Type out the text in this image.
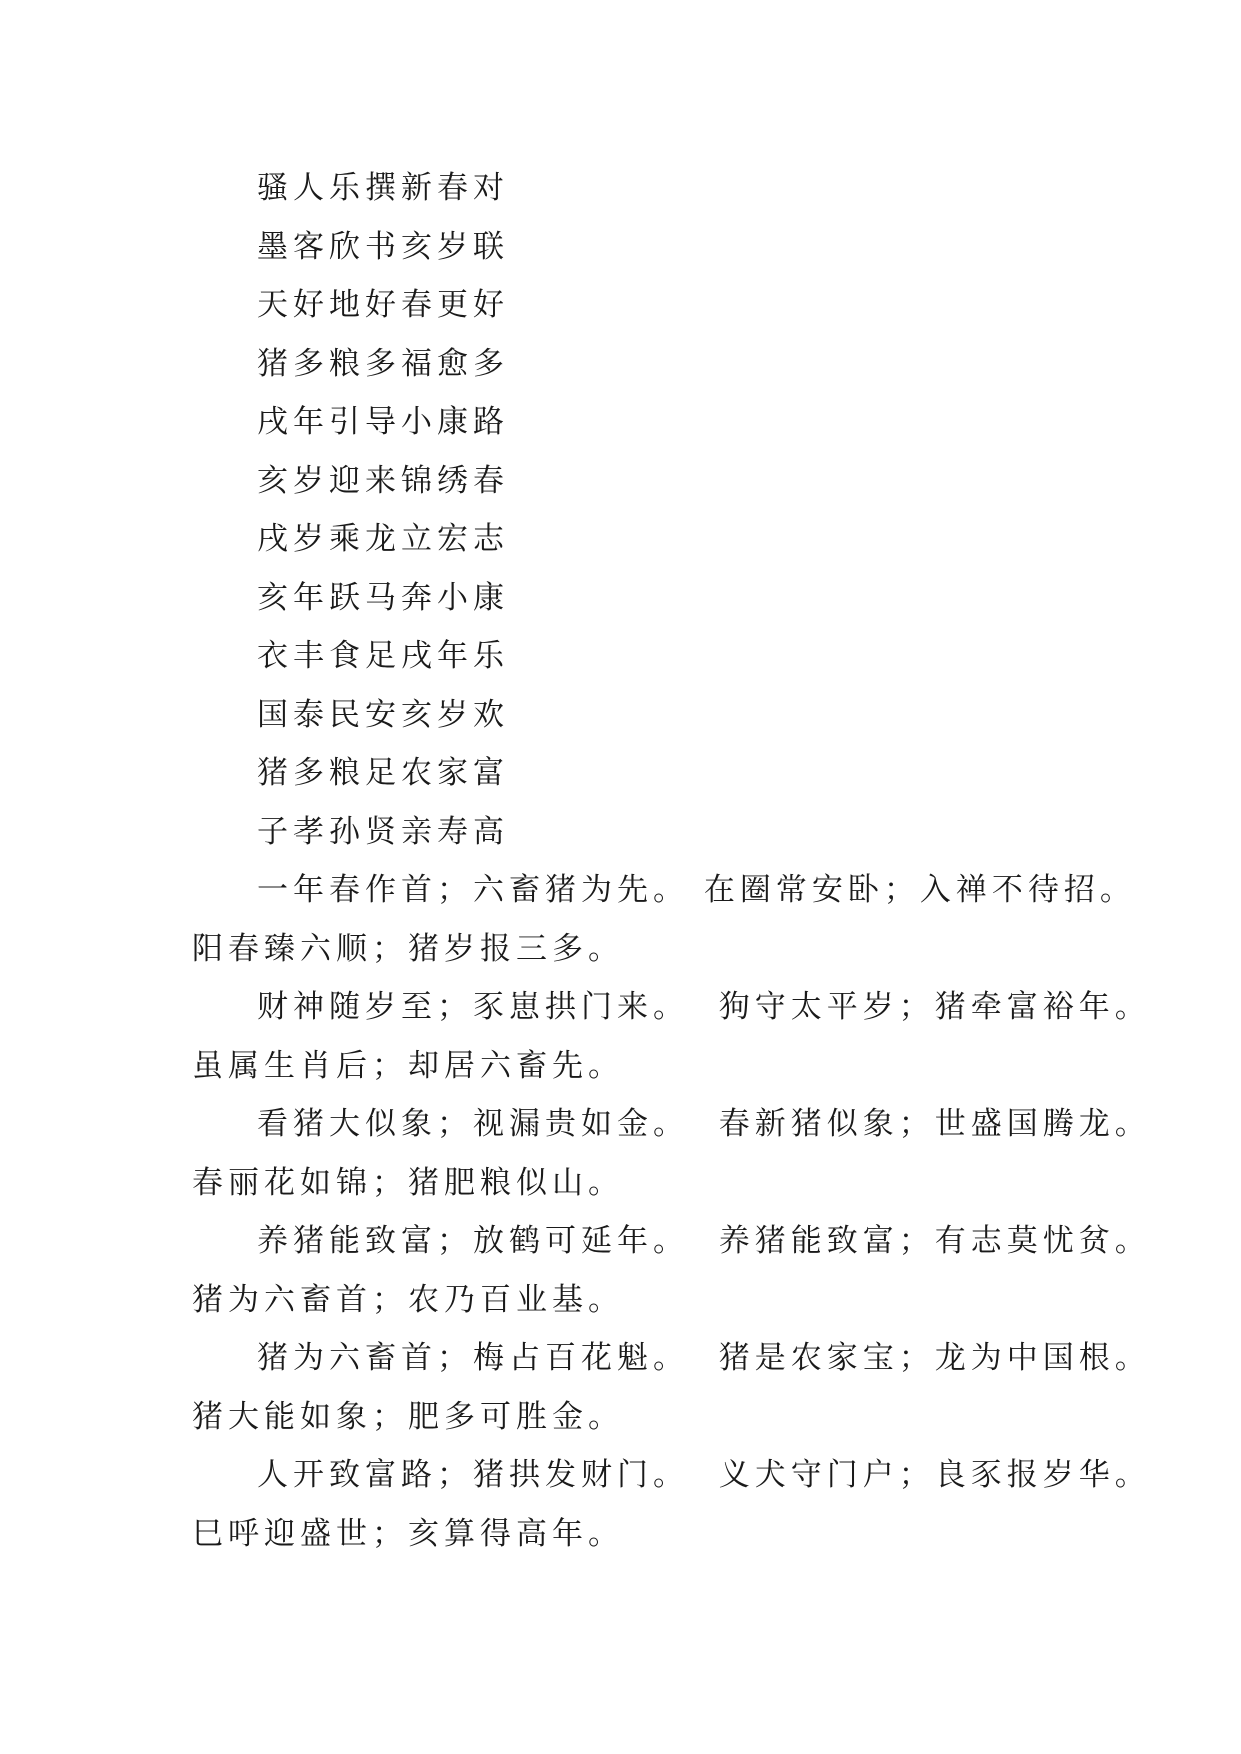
骚人乐撰新春对
墨客欣书亥岁联
天好地好春更好
猪多粮多福愈多
戌年引导小康路
亥岁迎来锦绣春
戌岁乘龙立宏志
亥年跃马奔小康
衣丰食足戌年乐
国泰民安亥岁欢
猪多粮足农家富
子孝孙贤亲寿高
一年春作首；六畜猪为先。 在圈常安卧；入禅不待招。
阳春臻六顺；猪岁报三多。
财神随岁至；豕崽拱门来。  狗守太平岁；猪牵富裕年。
虽属生肖后；却居六畜先。
看猪大似象；视漏贵如金。  春新猪似象；世盛国腾龙。
春丽花如锦；猪肥粮似山。
养猪能致富；放鹤可延年。  养猪能致富；有志莫忧贫。
猪为六畜首；农乃百业基。
猪为六畜首；梅占百花魁。  猪是农家宝；龙为中国根。
猪大能如象；肥多可胜金。
人开致富路；猪拱发财门。  义犬守门户；良豕报岁华。
巳呼迎盛世；亥算得高年。
